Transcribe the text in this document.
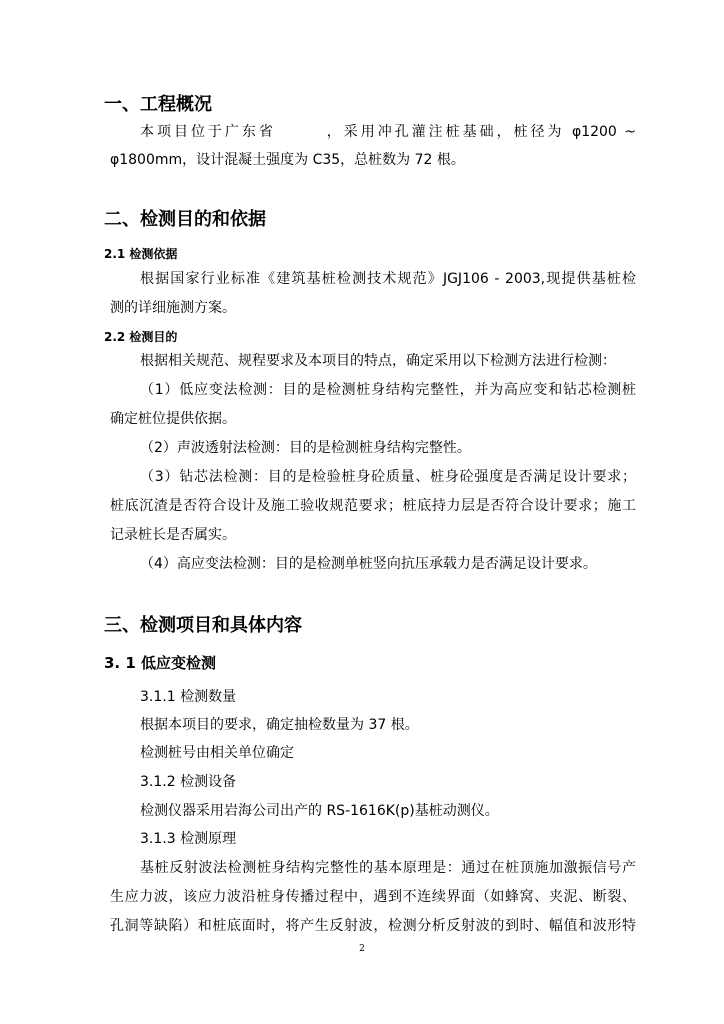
一、工程概况
本项目位于广东省　　　，采用冲孔灌注桩基础，桩径为 φ1200 ~
φ1800mm，设计混凝土强度为 C35，总桩数为 72 根。
二、检测目的和依据
2.1 检测依据
根据国家行业标准《建筑基桩检测技术规范》JGJ106 - 2003,现提供基桩检
测的详细施测方案。
2.2 检测目的
根据相关规范、规程要求及本项目的特点，确定采用以下检测方法进行检测：
（1）低应变法检测：目的是检测桩身结构完整性，并为高应变和钻芯检测桩
确定桩位提供依据。
（2）声波透射法检测：目的是检测桩身结构完整性。
（3）钻芯法检测：目的是检验桩身砼质量、桩身砼强度是否满足设计要求；
桩底沉渣是否符合设计及施工验收规范要求；桩底持力层是否符合设计要求；施工
记录桩长是否属实。
（4）高应变法检测：目的是检测单桩竖向抗压承载力是否满足设计要求。
三、检测项目和具体内容
3. 1 低应变检测
3.1.1 检测数量
根据本项目的要求，确定抽检数量为 37 根。
检测桩号由相关单位确定
3.1.2 检测设备
检测仪器采用岩海公司出产的 RS-1616K(p)基桩动测仪。
3.1.3 检测原理
基桩反射波法检测桩身结构完整性的基本原理是：通过在桩顶施加激振信号产
生应力波，该应力波沿桩身传播过程中，遇到不连续界面（如蜂窝、夹泥、断裂、
孔洞等缺陷）和桩底面时，将产生反射波，检测分析反射波的到时、幅值和波形特
2
